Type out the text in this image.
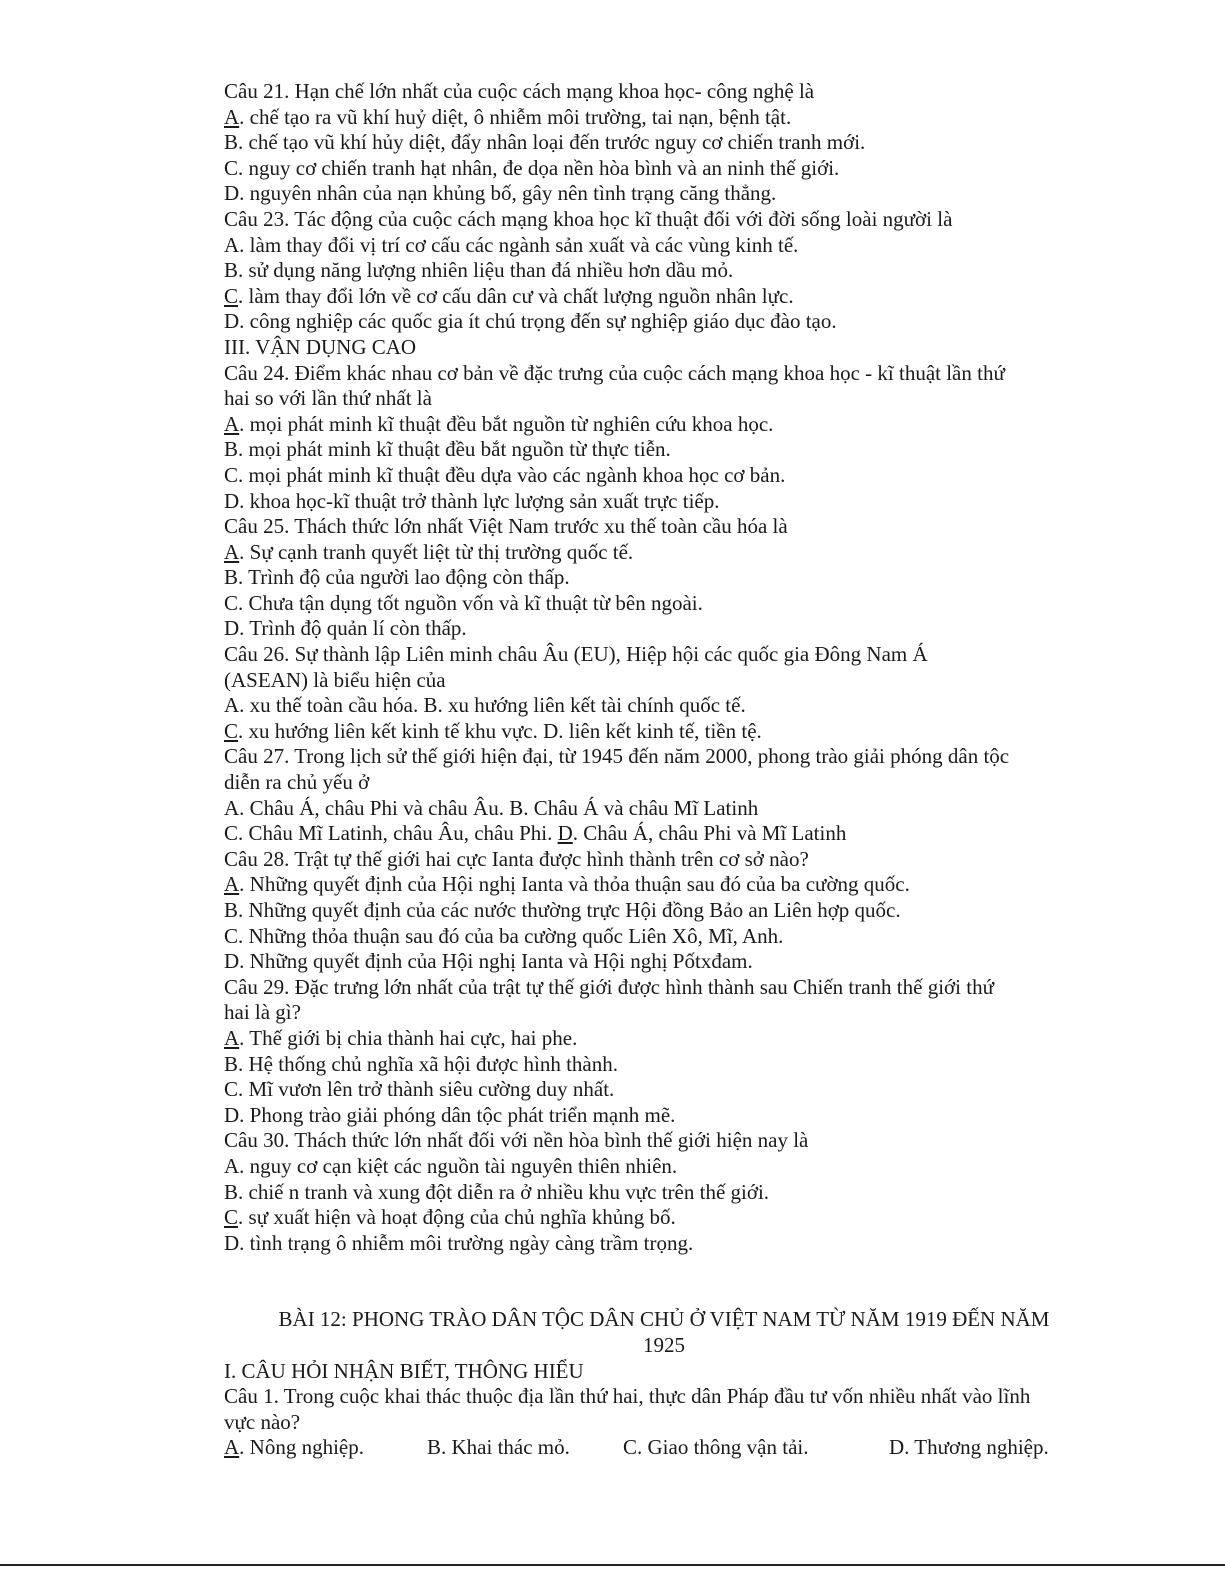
Câu 21. Hạn chế lớn nhất của cuộc cách mạng khoa học- công nghệ là
A. chế tạo ra vũ khí huỷ diệt, ô nhiễm môi trường, tai nạn, bệnh tật.
B. chế tạo vũ khí hủy diệt, đẩy nhân loại đến trước nguy cơ chiến tranh mới.
C. nguy cơ chiến tranh hạt nhân, đe dọa nền hòa bình và an ninh thế giới.
D. nguyên nhân của nạn khủng bố, gây nên tình trạng căng thẳng.
Câu 23. Tác động của cuộc cách mạng khoa học kĩ thuật đối với đời sống loài người là
A. làm thay đổi vị trí cơ cấu các ngành sản xuất và các vùng kinh tế.
B. sử dụng năng lượng nhiên liệu than đá nhiều hơn dầu mỏ.
C. làm thay đổi lớn về cơ cấu dân cư và chất lượng nguồn nhân lực.
D. công nghiệp các quốc gia ít chú trọng đến sự nghiệp giáo dục đào tạo.
III. VẬN DỤNG CAO
Câu 24. Điểm khác nhau cơ bản về đặc trưng của cuộc cách mạng khoa học - kĩ thuật lần thứ
hai so với lần thứ nhất là
A. mọi phát minh kĩ thuật đều bắt nguồn từ nghiên cứu khoa học.
B. mọi phát minh kĩ thuật đều bắt nguồn từ thực tiễn.
C. mọi phát minh kĩ thuật đều dựa vào các ngành khoa học cơ bản.
D. khoa học-kĩ thuật trở thành lực lượng sản xuất trực tiếp.
Câu 25. Thách thức lớn nhất Việt Nam trước xu thế toàn cầu hóa là
A. Sự cạnh tranh quyết liệt từ thị trường quốc tế.
B. Trình độ của người lao động còn thấp.
C. Chưa tận dụng tốt nguồn vốn và kĩ thuật từ bên ngoài.
D. Trình độ quản lí còn thấp.
Câu 26. Sự thành lập Liên minh châu Âu (EU), Hiệp hội các quốc gia Đông Nam Á
(ASEAN) là biểu hiện của
A. xu thế toàn cầu hóa. B. xu hướng liên kết tài chính quốc tế.
C. xu hướng liên kết kinh tế khu vực. D. liên kết kinh tế, tiền tệ.
Câu 27. Trong lịch sử thế giới hiện đại, từ 1945 đến năm 2000, phong trào giải phóng dân tộc
diễn ra chủ yếu ở
A. Châu Á, châu Phi và châu Âu. B. Châu Á và châu Mĩ Latinh
C. Châu Mĩ Latinh, châu Âu, châu Phi. D. Châu Á, châu Phi và Mĩ Latinh
Câu 28. Trật tự thế giới hai cực Ianta được hình thành trên cơ sở nào?
A. Những quyết định của Hội nghị Ianta và thỏa thuận sau đó của ba cường quốc.
B. Những quyết định của các nước thường trực Hội đồng Bảo an Liên hợp quốc.
C. Những thỏa thuận sau đó của ba cường quốc Liên Xô, Mĩ, Anh.
D. Những quyết định của Hội nghị Ianta và Hội nghị Pốtxđam.
Câu 29. Đặc trưng lớn nhất của trật tự thế giới được hình thành sau Chiến tranh thế giới thứ
hai là gì?
A. Thế giới bị chia thành hai cực, hai phe.
B. Hệ thống chủ nghĩa xã hội được hình thành.
C. Mĩ vươn lên trở thành siêu cường duy nhất.
D. Phong trào giải phóng dân tộc phát triển mạnh mẽ.
Câu 30. Thách thức lớn nhất đối với nền hòa bình thế giới hiện nay là
A. nguy cơ cạn kiệt các nguồn tài nguyên thiên nhiên.
B. chiế n tranh và xung đột diễn ra ở nhiều khu vực trên thế giới.
C. sự xuất hiện và hoạt động của chủ nghĩa khủng bố.
D. tình trạng ô nhiễm môi trường ngày càng trầm trọng.
BÀI 12: PHONG TRÀO DÂN TỘC DÂN CHỦ Ở VIỆT NAM TỪ NĂM 1919 ĐẾN NĂM
1925
I. CÂU HỎI NHẬN BIẾT, THÔNG HIỂU
Câu 1. Trong cuộc khai thác thuộc địa lần thứ hai, thực dân Pháp đầu tư vốn nhiều nhất vào lĩnh
vực nào?
A. Nông nghiệp.	B. Khai thác mỏ.	C. Giao thông vận tải.	D. Thương nghiệp.
